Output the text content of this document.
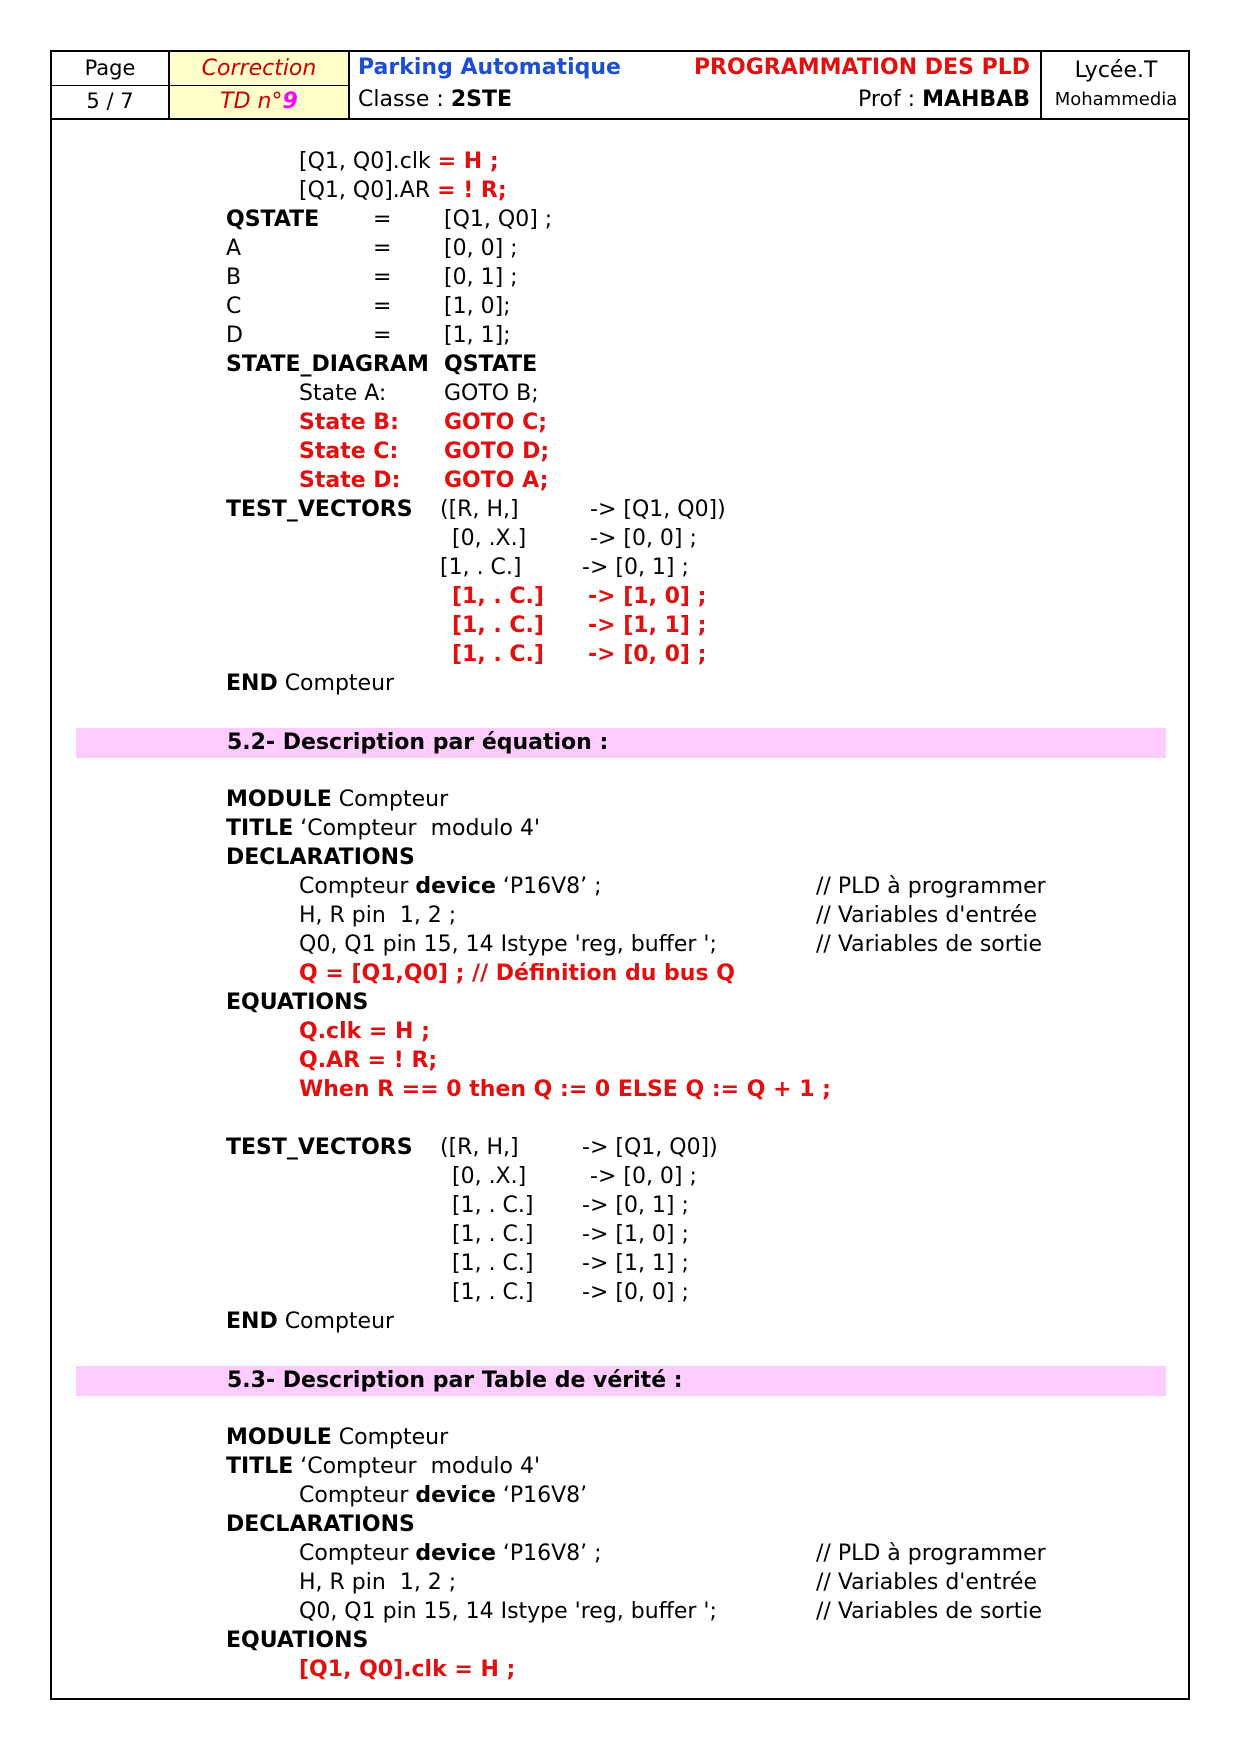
Page
5 / 7
Correction
TD n°9
Parking Automatique	PROGRAMMATION DES PLD
Classe : 2STE	Prof : MAHBAB
Lycée.T
Mohammedia
[Q1, Q0].clk = H ;
[Q1, Q0].AR = ! R;
QSTATE = [Q1, Q0] ;
A	= [0, 0] ;
B	= [0, 1] ;
C	= [1, 0];
D	= [1, 1];
STATE_DIAGRAM QSTATE
State A:	GOTO B;
State B: GOTO C;
State C: GOTO D;
State D: GOTO A;
TEST_VECTORS ([R, H,]	-> [Q1, Q0])
[0, .X.]	-> [0, 0] ;
[1, . C.]	-> [0, 1] ;
[1, . C.] -> [1, 0] ;
[1, . C.] -> [1, 1] ;
[1, . C.] -> [0, 0] ;
END Compteur
5.2- Description par équation :
MODULE Compteur
TITLE ‘Compteur  modulo 4'
DECLARATIONS
Compteur device ‘P16V8’ ;	// PLD à programmer
H, R pin  1, 2 ;	// Variables d'entrée
Q0, Q1 pin 15, 14 Istype 'reg, buffer ';	// Variables de sortie
Q = [Q1,Q0] ; // Définition du bus Q
EQUATIONS
Q.clk = H ;
Q.AR = ! R;
When R == 0 then Q := 0 ELSE Q := Q + 1 ;
TEST_VECTORS ([R, H,]	-> [Q1, Q0])
[0, .X.]	-> [0, 0] ;
[1, . C.] -> [0, 1] ;
[1, . C.] -> [1, 0] ;
[1, . C.] -> [1, 1] ;
[1, . C.] -> [0, 0] ;
END Compteur
5.3- Description par Table de vérité :
MODULE Compteur
TITLE ‘Compteur  modulo 4'
Compteur device ‘P16V8’
DECLARATIONS
Compteur device ‘P16V8’ ;	// PLD à programmer
H, R pin  1, 2 ;	// Variables d'entrée
Q0, Q1 pin 15, 14 Istype 'reg, buffer ';	// Variables de sortie
EQUATIONS
[Q1, Q0].clk = H ;
